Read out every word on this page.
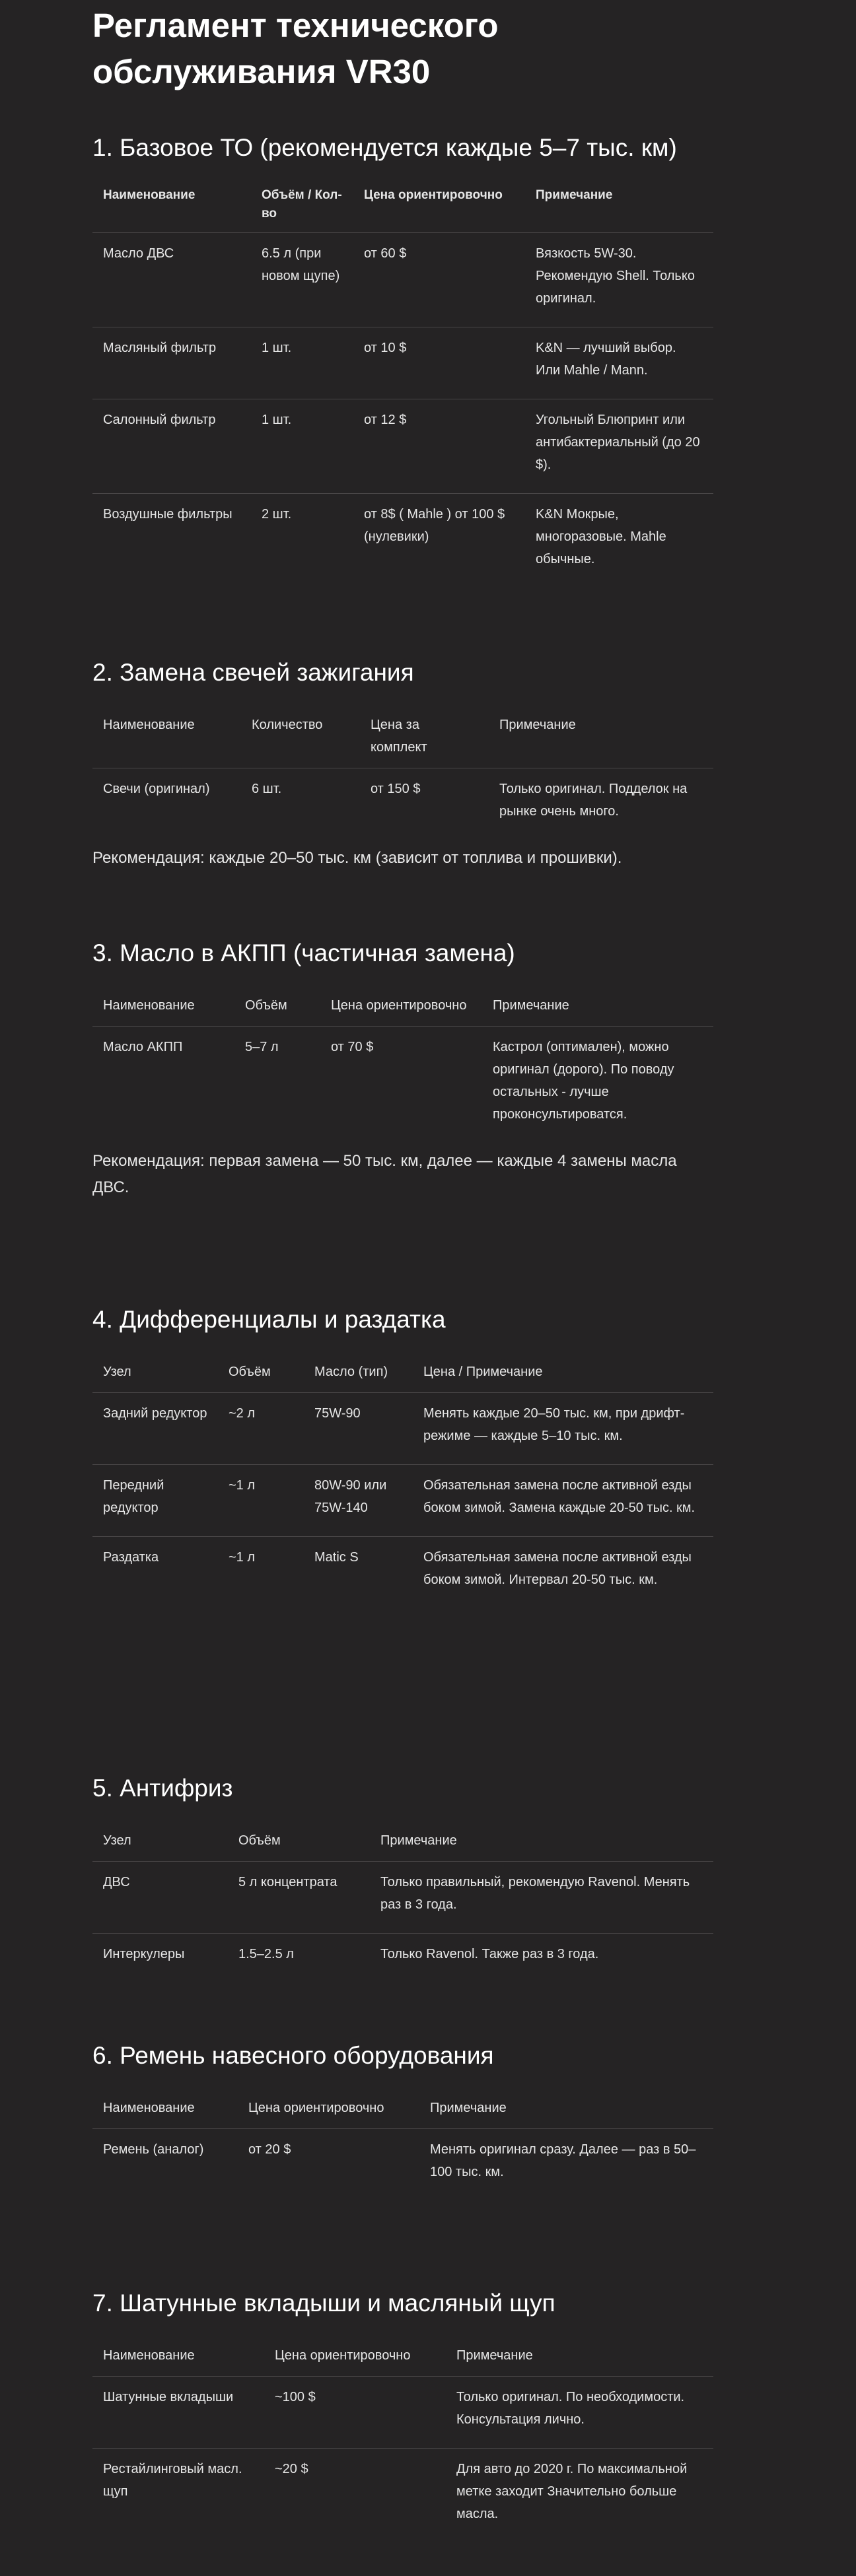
Регламент технического обслуживания VR30
1. Базовое ТО (рекомендуется каждые 5–7 тыс. км)
Наименование	Объём / Кол-во	Цена ориентировочно	Примечание
Масло ДВС	6.5 л (при новом щупе)	от 60 $	Вязкость 5W-30. Рекомендую Shell. Только оригинал.
Масляный фильтр	1 шт.	от 10 $	K&N — лучший выбор. Или Mahle / Mann.
Салонный фильтр	1 шт.	от 12 $	Угольный Блюпринт или антибактериальный (до 20 $).
Воздушные фильтры	2 шт.	от 8$ ( Mahle ) от 100 $ (нулевики)	K&N Мокрые, многоразовые. Mahle обычные.
2. Замена свечей зажигания
Наименование	Количество	Цена за комплект	Примечание
Свечи (оригинал)	6 шт.	от 150 $	Только оригинал. Подделок на рынке очень много.
Рекомендация: каждые 20–50 тыс. км (зависит от топлива и прошивки).
3. Масло в АКПП (частичная замена)
Наименование	Объём	Цена ориентировочно	Примечание
Масло АКПП	5–7 л	от 70 $	Кастрол (оптимален), можно оригинал (дорого). По поводу остальных - лучше проконсультироватся.
Рекомендация: первая замена — 50 тыс. км, далее — каждые 4 замены масла ДВС.
4. Дифференциалы и раздатка
Узел	Объём	Масло (тип)	Цена / Примечание
Задний редуктор	~2 л	75W-90	Менять каждые 20–50 тыс. км, при дрифт-режиме — каждые 5–10 тыс. км.
Передний редуктор	~1 л	80W-90 или 75W-140	Обязательная замена после активной езды боком зимой. Замена каждые 20-50 тыс. км.
Раздатка	~1 л	Matic S	Обязательная замена после активной езды боком зимой. Интервал 20-50 тыс. км.
5. Антифриз
Узел	Объём	Примечание
ДВС	5 л концентрата	Только правильный, рекомендую Ravenol. Менять раз в 3 года.
Интеркулеры	1.5–2.5 л	Только Ravenol. Также раз в 3 года.
6. Ремень навесного оборудования
Наименование	Цена ориентировочно	Примечание
Ремень (аналог)	от 20 $	Менять оригинал сразу. Далее — раз в 50–100 тыс. км.
7. Шатунные вкладыши и масляный щуп
Наименование	Цена ориентировочно	Примечание
Шатунные вкладыши	~100 $	Только оригинал. По необходимости. Консультация лично.
Рестайлинговый масл. щуп	~20 $	Для авто до 2020 г. По максимальной метке заходит Значительно больше масла.
